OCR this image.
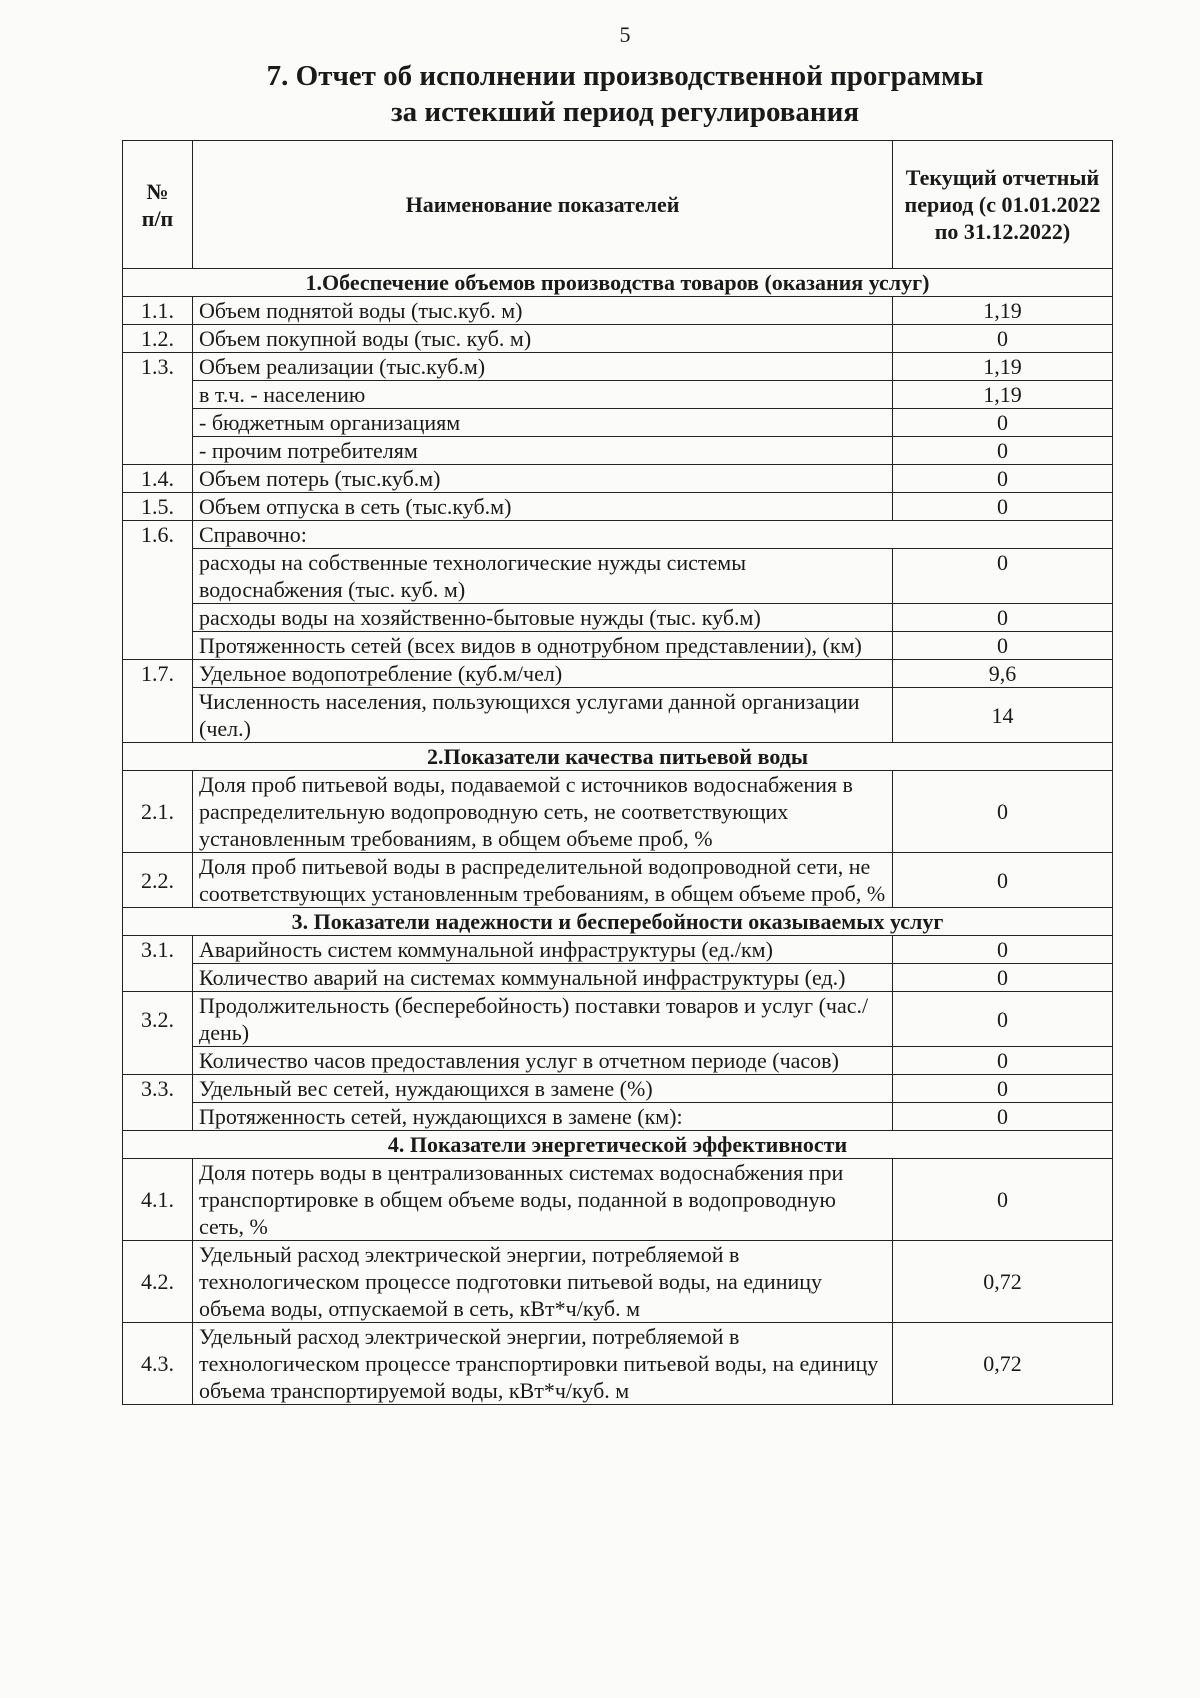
5
7. Отчет об исполнении производственной программы
за истекший период регулирования
№ п/п	Наименование показателей	Текущий отчетный период (с 01.01.2022 по 31.12.2022)
1.Обеспечение объемов производства товаров (оказания услуг)		
1.1.	Объем поднятой воды (тыс.куб. м)	1,19
1.2.	Объем покупной воды (тыс. куб. м)	0
1.3.	Объем реализации (тыс.куб.м)	1,19
	в т.ч. - населению	1,19
	- бюджетным организациям	0
	- прочим потребителям	0
1.4.	Объем потерь (тыс.куб.м)	0
1.5.	Объем отпуска в сеть (тыс.куб.м)	0
1.6.	Справочно:	
	расходы на собственные технологические нужды системы водоснабжения (тыс. куб. м)	0
	расходы воды на хозяйственно-бытовые нужды (тыс. куб.м)	0
	Протяженность сетей (всех видов в однотрубном представлении), (км)	0
1.7.	Удельное водопотребление (куб.м/чел)	9,6
	Численность населения, пользующихся услугами данной организации (чел.)	14
2.Показатели качества питьевой воды		
2.1.	Доля проб питьевой воды, подаваемой с источников водоснабжения в распределительную водопроводную сеть, не соответствующих установленным требованиям, в общем объеме проб, %	0
2.2.	Доля проб питьевой воды в распределительной водопроводной сети, не соответствующих установленным требованиям, в общем объеме проб, %	0
3. Показатели надежности и бесперебойности оказываемых услуг		
3.1.	Аварийность систем коммунальной инфраструктуры (ед./км)	0
	Количество аварий на системах коммунальной инфраструктуры (ед.)	0
3.2.	Продолжительность (бесперебойность) поставки товаров и услуг (час./день)	0
	Количество часов предоставления услуг в отчетном периоде (часов)	0
3.3.	Удельный вес сетей, нуждающихся в замене (%)	0
	Протяженность сетей, нуждающихся в замене (км):	0
4. Показатели энергетической эффективности		
4.1.	Доля потерь воды в централизованных системах водоснабжения при транспортировке в общем объеме воды, поданной в водопроводную сеть, %	0
4.2.	Удельный расход электрической энергии, потребляемой в технологическом процессе подготовки питьевой воды, на единицу объема воды, отпускаемой в сеть, кВт*ч/куб. м	0,72
4.3.	Удельный расход электрической энергии, потребляемой в технологическом процессе транспортировки питьевой воды, на единицу объема транспортируемой воды, кВт*ч/куб. м	0,72
